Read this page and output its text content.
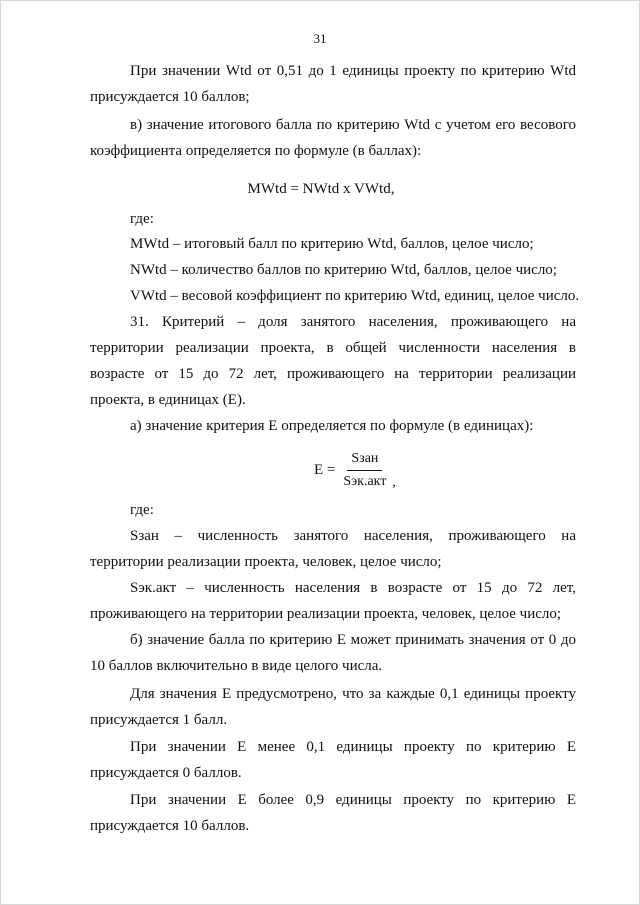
31

При значении Wtd от 0,51 до 1 единицы проекту по критерию Wtd присуждается 10 баллов;

в) значение итогового балла по критерию Wtd с учетом его весового коэффициента определяется по формуле (в баллах):

MWtd = NWtd x VWtd,
где:
MWtd – итоговый балл по критерию Wtd, баллов, целое число;
NWtd – количество баллов по критерию Wtd, баллов, целое число;
VWtd – весовой коэффициент по критерию Wtd, единиц, целое число.

31. Критерий – доля занятого населения, проживающего на территории реализации проекта, в общей численности населения в возрасте от 15 до 72 лет, проживающего на территории реализации проекта, в единицах (E).

а) значение критерия E определяется по формуле (в единицах):

$E = \frac{\text{Sзан}}{\text{Sэк.акт}}$ ,
где:

Sзан – численность занятого населения, проживающего на территории реализации проекта, человек, целое число;

Sэк.акт – численность населения в возрасте от 15 до 72 лет, проживающего на территории реализации проекта, человек, целое число;

б) значение балла по критерию E может принимать значения от 0 до 10 баллов включительно в виде целого числа.

Для значения E предусмотрено, что за каждые 0,1 единицы проекту присуждается 1 балл.

При значении E менее 0,1 единицы проекту по критерию E присуждается 0 баллов.

При значении E более 0,9 единицы проекту по критерию E присуждается 10 баллов.
